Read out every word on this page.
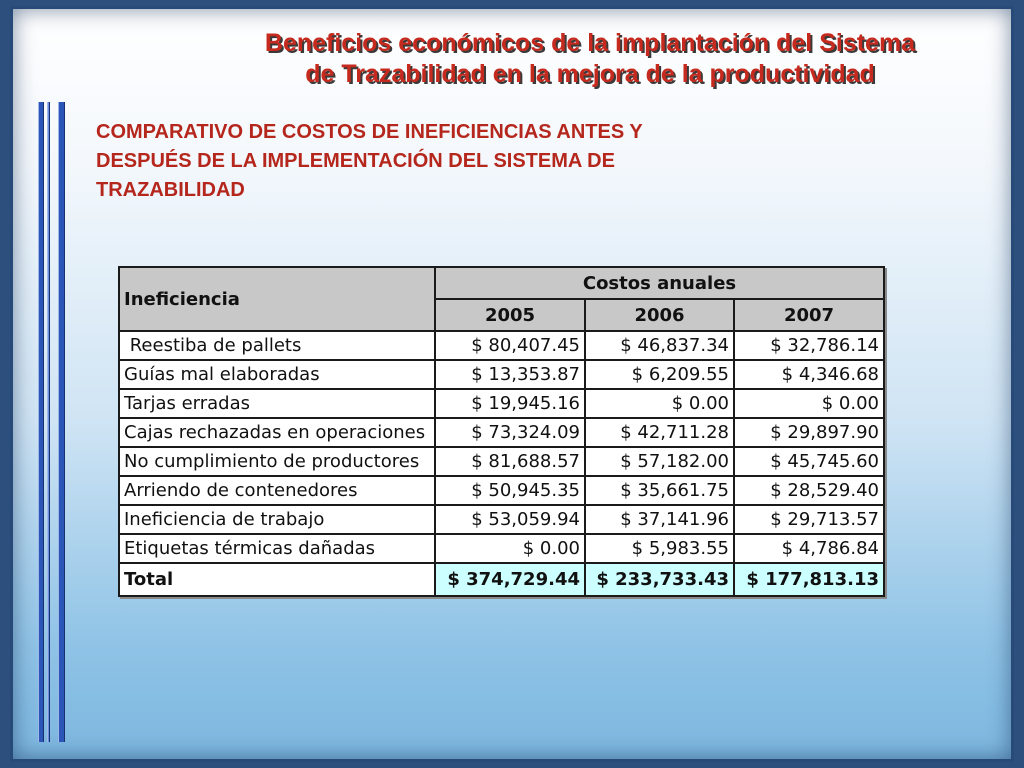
Beneficios económicos de la implantación del Sistema
de Trazabilidad en la mejora de la productividad
COMPARATIVO DE COSTOS DE INEFICIENCIAS ANTES Y
DESPUÉS DE LA IMPLEMENTACIÓN DEL SISTEMA DE
TRAZABILIDAD
Ineficiencia	Costos anuales		
	2005	2006	2007
Reestiba de pallets	$ 80,407.45	$ 46,837.34	$ 32,786.14
Guías mal elaboradas	$ 13,353.87	$ 6,209.55	$ 4,346.68
Tarjas erradas	$ 19,945.16	$ 0.00	$ 0.00
Cajas rechazadas en operaciones	$ 73,324.09	$ 42,711.28	$ 29,897.90
No cumplimiento de productores	$ 81,688.57	$ 57,182.00	$ 45,745.60
Arriendo de contenedores	$ 50,945.35	$ 35,661.75	$ 28,529.40
Ineficiencia de trabajo	$ 53,059.94	$ 37,141.96	$ 29,713.57
Etiquetas térmicas dañadas	$ 0.00	$ 5,983.55	$ 4,786.84
Total	$ 374,729.44	$ 233,733.43	$ 177,813.13
